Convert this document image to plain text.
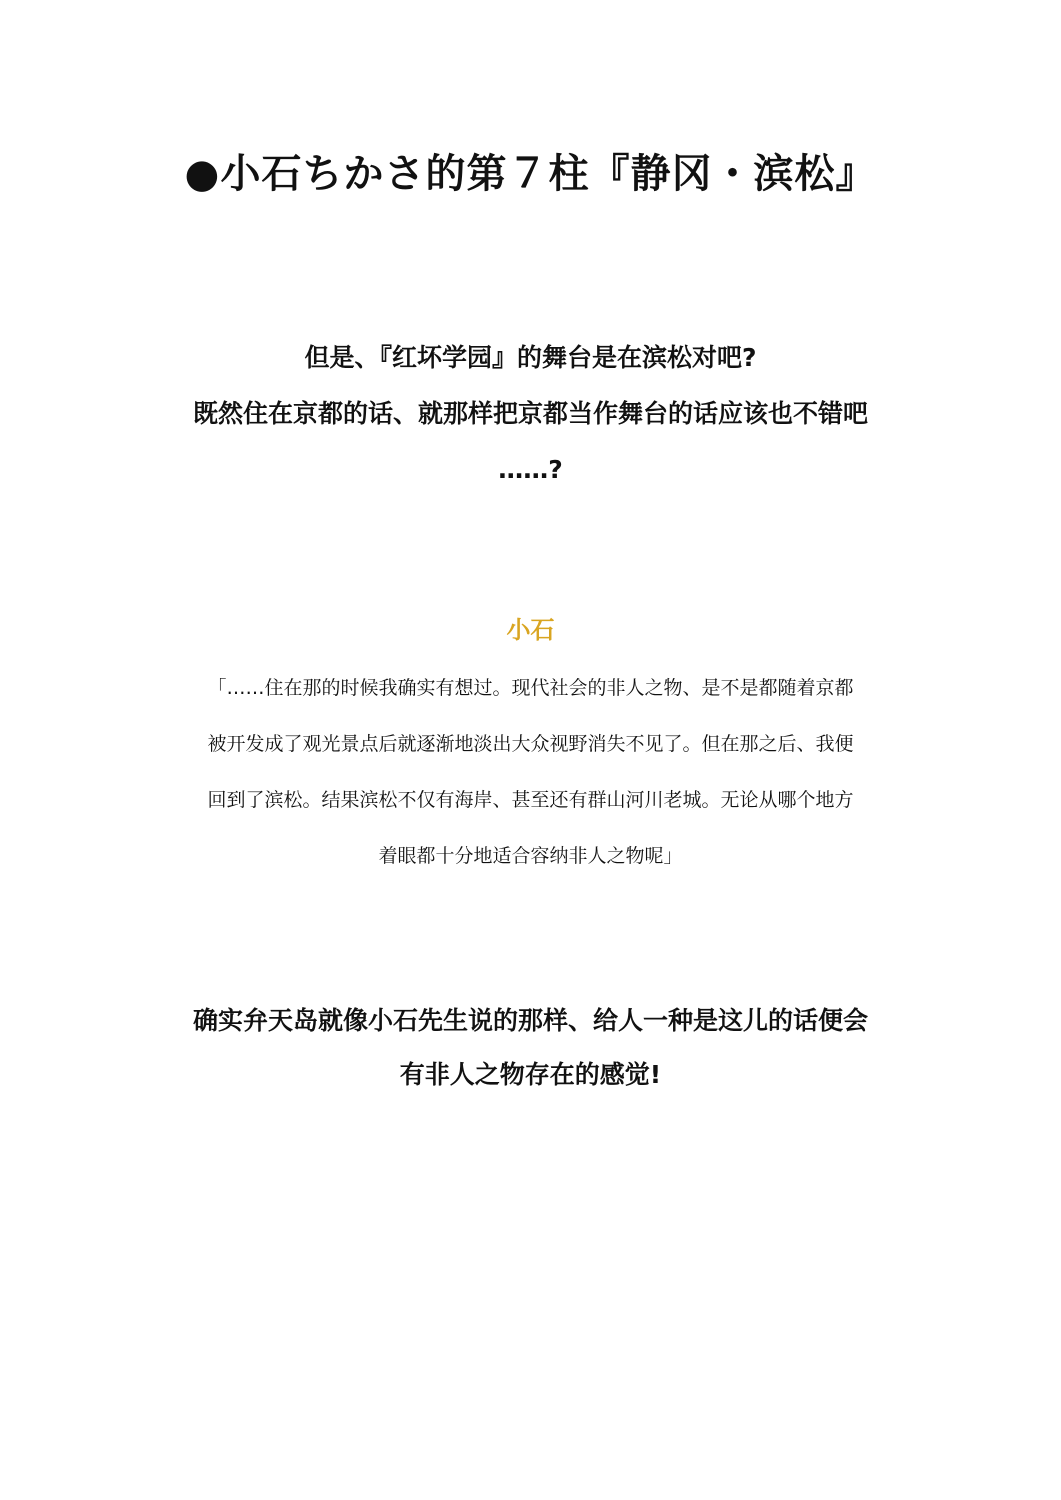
●小石ちかさ的第７柱『静冈・滨松』
但是、『红坏学园』的舞台是在滨松对吧?
既然住在京都的话、就那样把京都当作舞台的话应该也不错吧
……?
小石
「……住在那的时候我确实有想过。现代社会的非人之物、是不是都随着京都
被开发成了观光景点后就逐渐地淡出大众视野消失不见了。但在那之后、我便
回到了滨松。结果滨松不仅有海岸、甚至还有群山河川老城。无论从哪个地方
着眼都十分地适合容纳非人之物呢」
确实弁天岛就像小石先生说的那样、给人一种是这儿的话便会
有非人之物存在的感觉!
